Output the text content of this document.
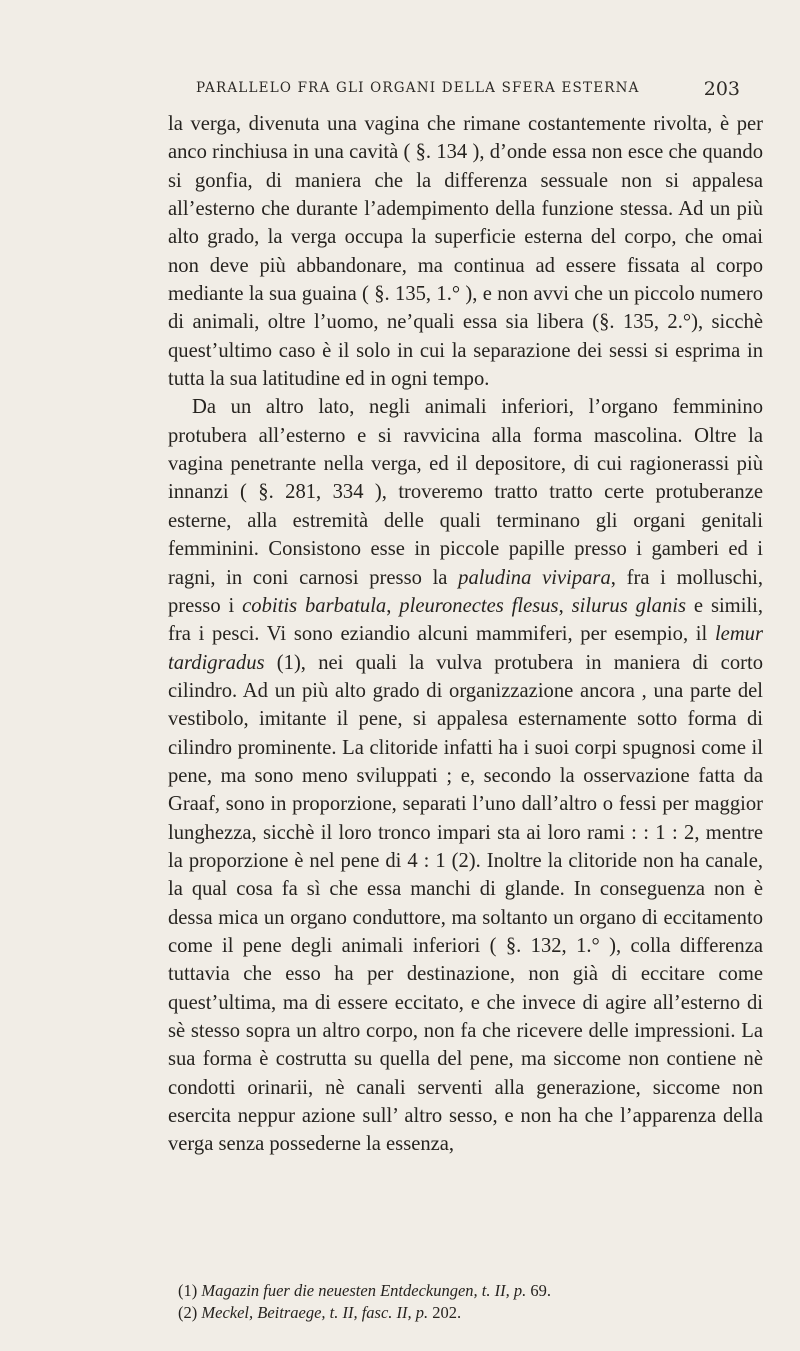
PARALLELO FRA GLI ORGANI DELLA SFERA ESTERNA	203

la verga, divenuta una vagina che rimane costantemente rivolta, è per anco rinchiusa in una cavità ( §. 134 ), d’onde essa non esce che quando si gonfia, di maniera che la differenza sessuale non si appalesa all’esterno che durante l’adempimento della funzione stessa. Ad un più alto grado, la verga occupa la superficie esterna del corpo, che omai non deve più abbandonare, ma continua ad essere fissata al corpo mediante la sua guaina ( §. 135, 1.° ), e non avvi che un piccolo numero di animali, oltre l’uomo, ne’quali essa sia libera (§. 135, 2.°), sicchè quest’ultimo caso è il solo in cui la separazione dei sessi si esprima in tutta la sua latitudine ed in ogni tempo.

Da un altro lato, negli animali inferiori, l’organo femminino protubera all’esterno e si ravvicina alla forma mascolina. Oltre la vagina penetrante nella verga, ed il depositore, di cui ragionerassi più innanzi ( §. 281, 334 ), troveremo tratto tratto certe protuberanze esterne, alla estremità delle quali terminano gli organi genitali femminini. Consistono esse in piccole papille presso i gamberi ed i ragni, in coni carnosi presso la paludina vivipara, fra i molluschi, presso i cobitis barbatula, pleuronectes flesus, silurus glanis e simili, fra i pesci. Vi sono eziandio alcuni mammiferi, per esempio, il lemur tardigradus (1), nei quali la vulva protubera in maniera di corto cilindro. Ad un più alto grado di organizzazione ancora , una parte del vestibolo, imitante il pene, si appalesa esternamente sotto forma di cilindro prominente. La clitoride infatti ha i suoi corpi spugnosi come il pene, ma sono meno sviluppati ; e, secondo la osservazione fatta da Graaf, sono in proporzione, separati l’uno dall’altro o fessi per maggior lunghezza, sicchè il loro tronco impari sta ai loro rami : : 1 : 2, mentre la proporzione è nel pene di 4 : 1 (2). Inoltre la clitoride non ha canale, la qual cosa fa sì che essa manchi di glande. In conseguenza non è dessa mica un organo conduttore, ma soltanto un organo di eccitamento come il pene degli animali inferiori ( §. 132, 1.° ), colla differenza tuttavia che esso ha per destinazione, non già di eccitare come quest’ultima, ma di essere eccitato, e che invece di agire all’esterno di sè stesso sopra un altro corpo, non fa che ricevere delle impressioni. La sua forma è costrutta su quella del pene, ma siccome non contiene nè condotti orinarii, nè canali serventi alla generazione, siccome non esercita neppur azione sull’ altro sesso, e non ha che l’apparenza della verga senza possederne la essenza,

(1) Magazin fuer die neuesten Entdeckungen, t. II, p. 69.
(2) Meckel, Beitraege, t. II, fasc. II, p. 202.
